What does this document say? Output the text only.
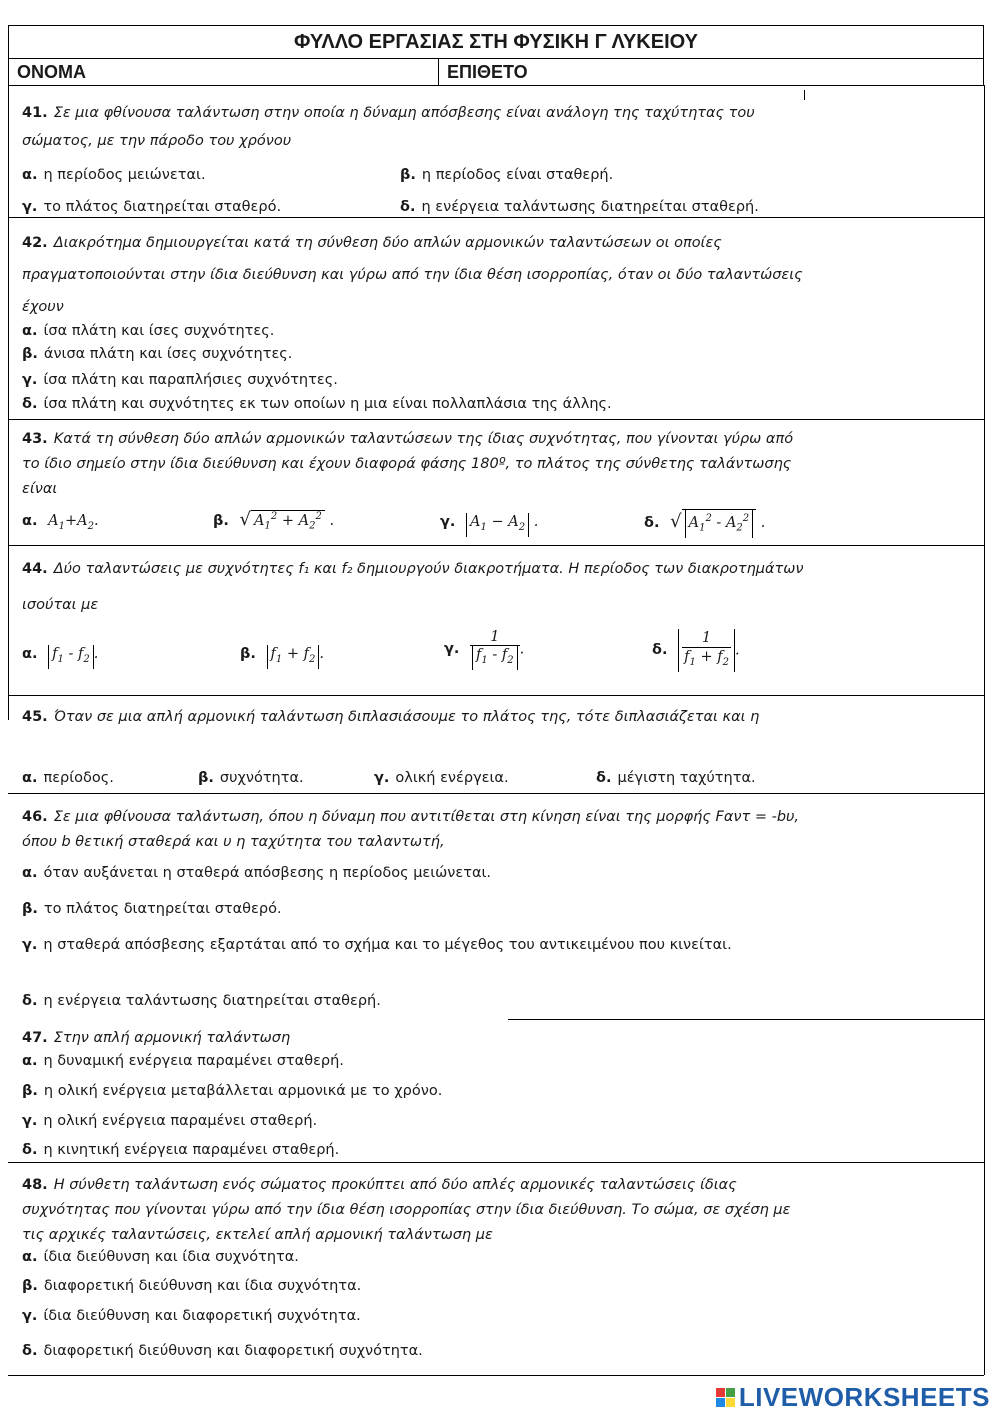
ΦΥΛΛΟ ΕΡΓΑΣΙΑΣ ΣΤΗ ΦΥΣΙΚΗ Γ ΛΥΚΕΙΟΥ
ΟΝΟΜΑ	ΕΠΙΘΕΤΟ
41. Σε μια φθίνουσα ταλάντωση στην οποία η δύναμη απόσβεσης είναι ανάλογη της ταχύτητας του σώματος, με την πάροδο του χρόνου
α. η περίοδος μειώνεται.	β. η περίοδος είναι σταθερή.
γ. το πλάτος διατηρείται σταθερό.	δ. η ενέργεια ταλάντωσης διατηρείται σταθερή.
42. Διακρότημα δημιουργείται κατά τη σύνθεση δύο απλών αρμονικών ταλαντώσεων οι οποίες πραγματοποιούνται στην ίδια διεύθυνση και γύρω από την ίδια θέση ισορροπίας, όταν οι δύο ταλαντώσεις έχουν
α. ίσα πλάτη και ίσες συχνότητες.
β. άνισα πλάτη και ίσες συχνότητες.
γ. ίσα πλάτη και παραπλήσιες συχνότητες.
δ. ίσα πλάτη και συχνότητες εκ των οποίων η μια είναι πολλαπλάσια της άλλης.
43. Κατά τη σύνθεση δύο απλών αρμονικών ταλαντώσεων της ίδιας συχνότητας, που γίνονται γύρω από το ίδιο σημείο στην ίδια διεύθυνση και έχουν διαφορά φάσης 180º, το πλάτος της σύνθετης ταλάντωσης είναι
α. $A_1+A_2$.	β. √ $A_1^2 + A_2^2$ .	γ. $A_1 - A_2$ .	δ. √ $A_1^2 - A_2^2$ .
44. Δύο ταλαντώσεις με συχνότητες f₁ και f₂ δημιουργούν διακροτήματα. Η περίοδος των διακροτημάτων ισούται με
α. $f_1 - f_2$ .	β. $f_1 + f_2$ .	γ. $\frac{1}{f_1 - f_2}$ .	δ. $\frac{1}{f_1 + f_2}$ .
45. Όταν σε μια απλή αρμονική ταλάντωση διπλασιάσουμε το πλάτος της, τότε διπλασιάζεται και η
α. περίοδος.	β. συχνότητα.	γ. ολική ενέργεια.	δ. μέγιστη ταχύτητα.
46. Σε μια φθίνουσα ταλάντωση, όπου η δύναμη που αντιτίθεται στη κίνηση είναι της μορφής Fαντ = -bυ, όπου b θετική σταθερά και υ η ταχύτητα του ταλαντωτή,
α. όταν αυξάνεται η σταθερά απόσβεσης η περίοδος μειώνεται.
β. το πλάτος διατηρείται σταθερό.
γ. η σταθερά απόσβεσης εξαρτάται από το σχήμα και το μέγεθος του αντικειμένου που κινείται.
δ. η ενέργεια ταλάντωσης διατηρείται σταθερή.
47. Στην απλή αρμονική ταλάντωση
α. η δυναμική ενέργεια παραμένει σταθερή.
β. η ολική ενέργεια μεταβάλλεται αρμονικά με το χρόνο.
γ. η ολική ενέργεια παραμένει σταθερή.
δ. η κινητική ενέργεια παραμένει σταθερή.
48. Η σύνθετη ταλάντωση ενός σώματος προκύπτει από δύο απλές αρμονικές ταλαντώσεις ίδιας συχνότητας που γίνονται γύρω από την ίδια θέση ισορροπίας στην ίδια διεύθυνση. Το σώμα, σε σχέση με τις αρχικές ταλαντώσεις, εκτελεί απλή αρμονική ταλάντωση με
α. ίδια διεύθυνση και ίδια συχνότητα.
β. διαφορετική διεύθυνση και ίδια συχνότητα.
γ. ίδια διεύθυνση και διαφορετική συχνότητα.
δ. διαφορετική διεύθυνση και διαφορετική συχνότητα.
LIVEWORKSHEETS
